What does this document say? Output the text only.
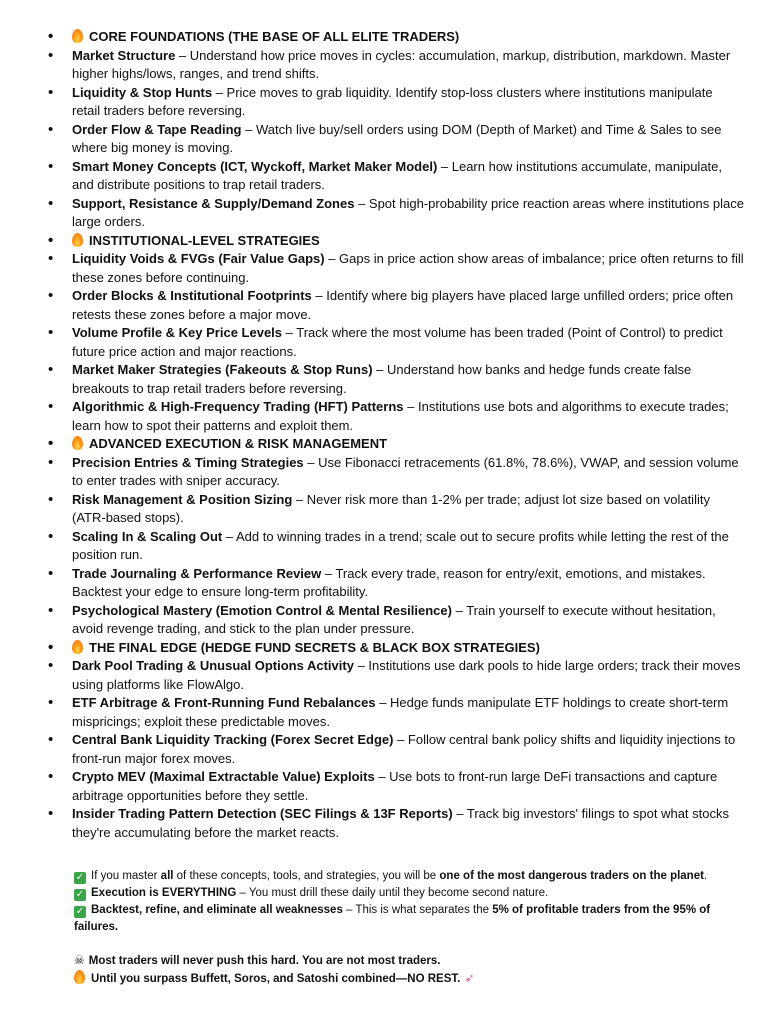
•	CORE FOUNDATIONS (THE BASE OF ALL ELITE TRADERS)
• Market Structure – Understand how price moves in cycles: accumulation, markup, distribution, markdown. Master higher highs/lows, ranges, and trend shifts.
• Liquidity & Stop Hunts – Price moves to grab liquidity. Identify stop-loss clusters where institutions manipulate retail traders before reversing.
• Order Flow & Tape Reading – Watch live buy/sell orders using DOM (Depth of Market) and Time & Sales to see where big money is moving.
• Smart Money Concepts (ICT, Wyckoff, Market Maker Model) – Learn how institutions accumulate, manipulate, and distribute positions to trap retail traders.
• Support, Resistance & Supply/Demand Zones – Spot high-probability price reaction areas where institutions place large orders.
•	INSTITUTIONAL-LEVEL STRATEGIES
• Liquidity Voids & FVGs (Fair Value Gaps) – Gaps in price action show areas of imbalance; price often returns to fill these zones before continuing.
• Order Blocks & Institutional Footprints – Identify where big players have placed large unfilled orders; price often retests these zones before a major move.
• Volume Profile & Key Price Levels – Track where the most volume has been traded (Point of Control) to predict future price action and major reactions.
• Market Maker Strategies (Fakeouts & Stop Runs) – Understand how banks and hedge funds create false breakouts to trap retail traders before reversing.
• Algorithmic & High-Frequency Trading (HFT) Patterns – Institutions use bots and algorithms to execute trades; learn how to spot their patterns and exploit them.
•	ADVANCED EXECUTION & RISK MANAGEMENT
• Precision Entries & Timing Strategies – Use Fibonacci retracements (61.8%, 78.6%), VWAP, and session volume to enter trades with sniper accuracy.
• Risk Management & Position Sizing – Never risk more than 1-2% per trade; adjust lot size based on volatility (ATR-based stops).
• Scaling In & Scaling Out – Add to winning trades in a trend; scale out to secure profits while letting the rest of the position run.
• Trade Journaling & Performance Review – Track every trade, reason for entry/exit, emotions, and mistakes. Backtest your edge to ensure long-term profitability.
• Psychological Mastery (Emotion Control & Mental Resilience) – Train yourself to execute without hesitation, avoid revenge trading, and stick to the plan under pressure.
•	THE FINAL EDGE (HEDGE FUND SECRETS & BLACK BOX STRATEGIES)
• Dark Pool Trading & Unusual Options Activity – Institutions use dark pools to hide large orders; track their moves using platforms like FlowAlgo.
• ETF Arbitrage & Front-Running Fund Rebalances – Hedge funds manipulate ETF holdings to create short-term mispricings; exploit these predictable moves.
• Central Bank Liquidity Tracking (Forex Secret Edge) – Follow central bank policy shifts and liquidity injections to front-run major forex moves.
• Crypto MEV (Maximal Extractable Value) Exploits – Use bots to front-run large DeFi transactions and capture arbitrage opportunities before they settle.
• Insider Trading Pattern Detection (SEC Filings & 13F Reports) – Track big investors' filings to spot what stocks they're accumulating before the market reacts.

✓ If you master all of these concepts, tools, and strategies, you will be one of the most dangerous traders on the planet.

✓ Execution is EVERYTHING – You must drill these daily until they become second nature.

✓ Backtest, refine, and eliminate all weaknesses – This is what separates the 5% of profitable traders from the 95% of failures.

☠ Most traders will never push this hard. You are not most traders.

Until you surpass Buffett, Soros, and Satoshi combined—NO REST. ➶
